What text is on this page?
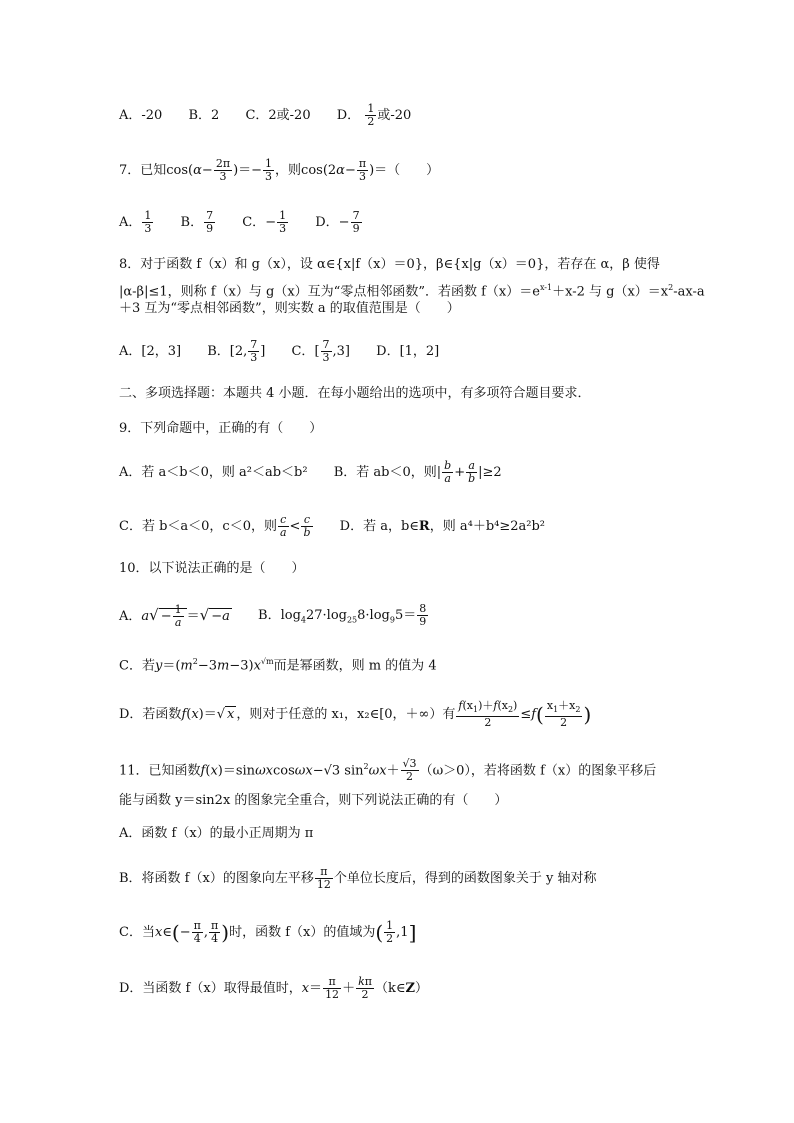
A．-20 B．2 C．2或-20 D． $\frac{1}{2}$ 或-20
7．已知$\cos(\alpha- \frac{2\pi}{3}$ )＝− $\frac{1}{3}$ ，则$\cos(2\alpha- \frac{\pi}{3}$ )＝（　　）
A． $\frac{1}{3}$ B． $\frac{7}{9}$ C．− $\frac{1}{3}$ D．− $\frac{7}{9}$
8．对于函数 f（x）和 g（x），设 α∈{x|f（x）＝0}，β∈{x|g（x）＝0}，若存在 α，β 使得
|α-β|≤1，则称 f（x）与 g（x）互为“零点相邻函数”．若函数 $f(x)=e^{x-1}+x-2$ 与 $g(x)=x^2-ax-a$
＋3 互为“零点相邻函数”，则实数 a 的取值范围是（　　）
A．[2，3] B．[2, $\frac{7}{3}$ ] C．[ $\frac{7}{3} ,3$] D．[1，2]
二、多项选择题：本题共 4 小题．在每小题给出的选项中，有多项符合题目要求．
9．下列命题中，正确的有（　　）
A．若 a＜b＜0，则 a²＜ab＜b² B．若 ab＜0，则| $\frac{b}{a} + \frac{a}{b} |\ge 2$
C．若 b＜a＜0，c＜0，则 $\frac{c}{a} < \frac{c}{b}$ D．若 a，b∈R，则 a⁴＋b⁴≥2a²b²
10．以下说法正确的是（　　）
A．$a√ - \frac{1}{a}$ ＝√ −a B．$\log_427\cdot\log_{25}8\cdot\log_95= \frac{8}{9}$
C．若$y=(m^2-3m-3)x^{√m}$而是幂函数，则 m 的值为 4
D．若函数f(x)＝√ x ，则对于任意的 x₁，x₂∈[0，＋∞）有 $\frac{f(x_1)+f(x_2)}{2} \le f( \frac{x_1+x_2}{2}$ )
11．已知函数f(x)＝sinωxcosωx−√3 $\sin^2\omega x+ \frac{√3}{2} (\omega>0)$，若将函数 f（x）的图象平移后
能与函数 y＝sin2x 的图象完全重合，则下列说法正确的有（　　）
A．函数 f（x）的最小正周期为 π
B．将函数 f（x）的图象向左平移 $\frac{\pi}{12}$ 个单位长度后，得到的函数图象关于 y 轴对称
C．当x∈(− $\frac{\pi}{4}$ , $\frac{\pi}{4}$ )时，函数 f（x）的值域为( $\frac{1}{2} ,1$]
D．当函数 f（x）取得最值时，$x= \frac{\pi}{12} + \frac{k\pi}{2}$ （k∈Z）
